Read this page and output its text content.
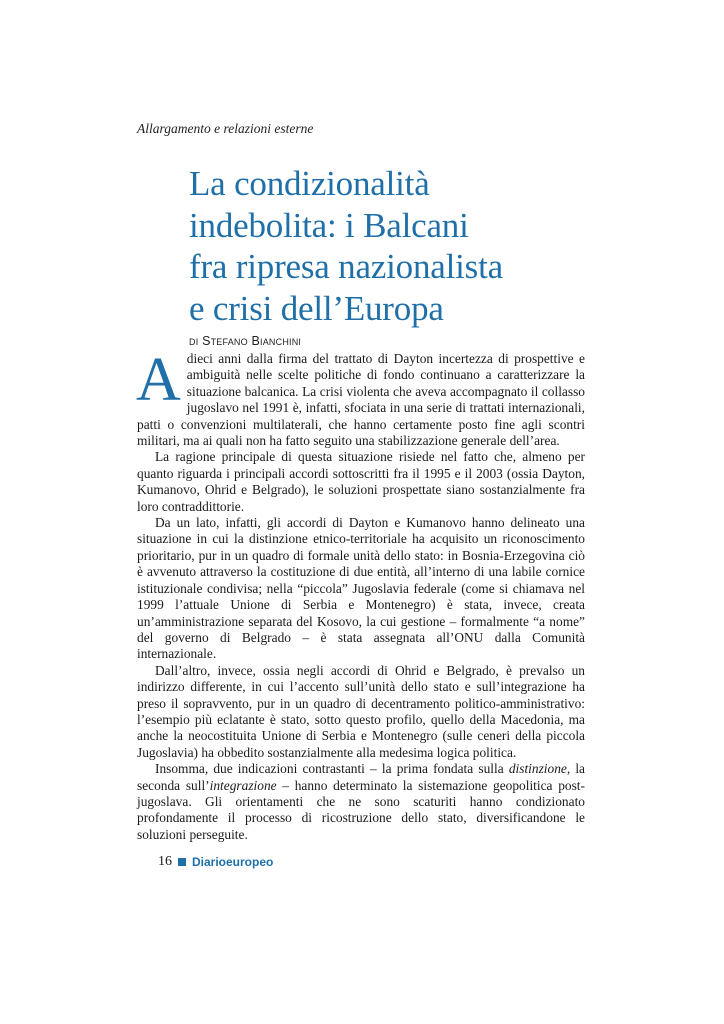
Allargamento e relazioni esterne
La condizionalità
indebolita: i Balcani
fra ripresa nazionalista
e crisi dell’Europa
di Stefano Bianchini

Adieci anni dalla firma del trattato di Dayton incertezza di prospettive e ambiguità nelle scelte politiche di fondo continuano a caratterizzare la situazione balcanica. La crisi violenta che aveva accompagnato il collasso jugoslavo nel 1991 è, infatti, sfociata in una serie di trattati internazionali, patti o convenzioni multilaterali, che hanno certamente posto fine agli scontri militari, ma ai quali non ha fatto seguito una stabilizzazione generale dell’area.

La ragione principale di questa situazione risiede nel fatto che, almeno per quanto riguarda i principali accordi sottoscritti fra il 1995 e il 2003 (ossia Dayton, Kumanovo, Ohrid e Belgrado), le soluzioni prospettate siano sostanzialmente fra loro contraddittorie.

Da un lato, infatti, gli accordi di Dayton e Kumanovo hanno delineato una situazione in cui la distinzione etnico-territoriale ha acquisito un riconoscimento prioritario, pur in un quadro di formale unità dello stato: in Bosnia-Erzegovina ciò è avvenuto attraverso la costituzione di due entità, all’interno di una labile cornice istituzionale condivisa; nella “piccola” Jugoslavia federale (come si chiamava nel 1999 l’attuale Unione di Serbia e Montenegro) è stata, invece, creata un’amministrazione separata del Kosovo, la cui gestione – formalmente “a nome” del governo di Belgrado – è stata assegnata all’ONU dalla Comunità internazionale.

Dall’altro, invece, ossia negli accordi di Ohrid e Belgrado, è prevalso un indirizzo differente, in cui l’accento sull’unità dello stato e sull’integrazione ha preso il sopravvento, pur in un quadro di decentramento politico-amministrativo: l’esempio più eclatante è stato, sotto questo profilo, quello della Macedonia, ma anche la neocostituita Unione di Serbia e Montenegro (sulle ceneri della piccola Jugoslavia) ha obbedito sostanzialmente alla medesima logica politica.

Insomma, due indicazioni contrastanti – la prima fondata sulla distinzione, la seconda sull’integrazione – hanno determinato la sistemazione geopolitica post-jugoslava. Gli orientamenti che ne sono scaturiti hanno condizionato profondamente il processo di ricostruzione dello stato, diversificandone le soluzioni perseguite.

16 Diarioeuropeo
